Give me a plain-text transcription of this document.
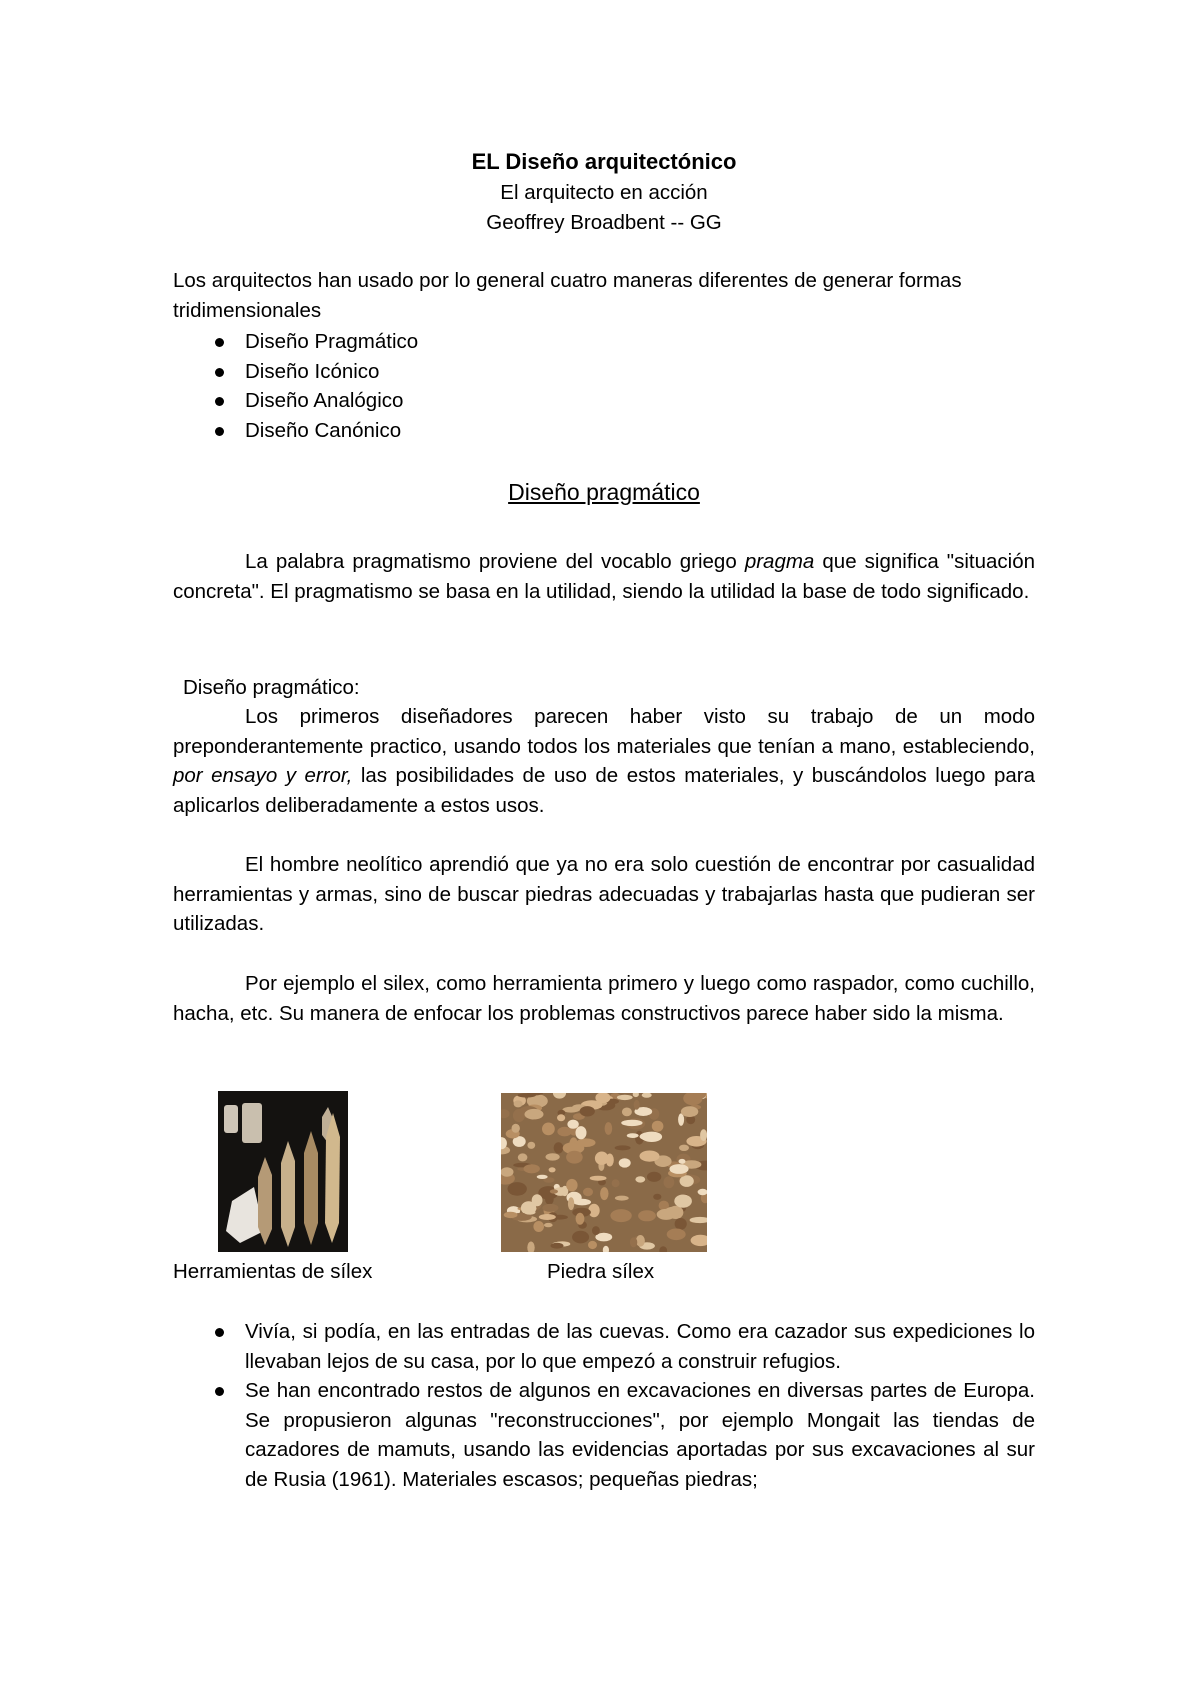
EL Diseño arquitectónico

El arquitecto en acción

Geoffrey Broadbent -- GG

Los arquitectos han usado por lo general cuatro maneras diferentes de generar formas tridimensionales

Diseño Pragmático
Diseño Icónico
Diseño Analógico
Diseño Canónico

Diseño pragmático

La palabra pragmatismo proviene del vocablo griego pragma que significa "situación concreta". El pragmatismo se basa en la utilidad, siendo la utilidad la base de todo significado.

Diseño pragmático:

Los primeros diseñadores parecen haber visto su trabajo de un modo preponderantemente practico, usando todos los materiales que tenían a mano, estableciendo, por ensayo y error, las posibilidades de uso de estos materiales, y buscándolos luego para aplicarlos deliberadamente a estos usos.

El hombre neolítico aprendió que ya no era solo cuestión de encontrar por casualidad herramientas y armas, sino de buscar piedras adecuadas y trabajarlas hasta que pudieran ser utilizadas.

Por ejemplo el silex, como herramienta primero y luego como raspador, como cuchillo, hacha, etc. Su manera de enfocar los problemas constructivos parece haber sido la misma.

Herramientas de sílex	Piedra sílex

Vivía, si podía, en las entradas de las cuevas. Como era cazador sus expediciones lo llevaban lejos de su casa, por lo que empezó a construir refugios.
Se han encontrado restos de algunos en excavaciones en diversas partes de Europa. Se propusieron algunas "reconstrucciones", por ejemplo Mongait las tiendas de cazadores de mamuts, usando las evidencias aportadas por sus excavaciones al sur de Rusia (1961). Materiales escasos; pequeñas piedras;
